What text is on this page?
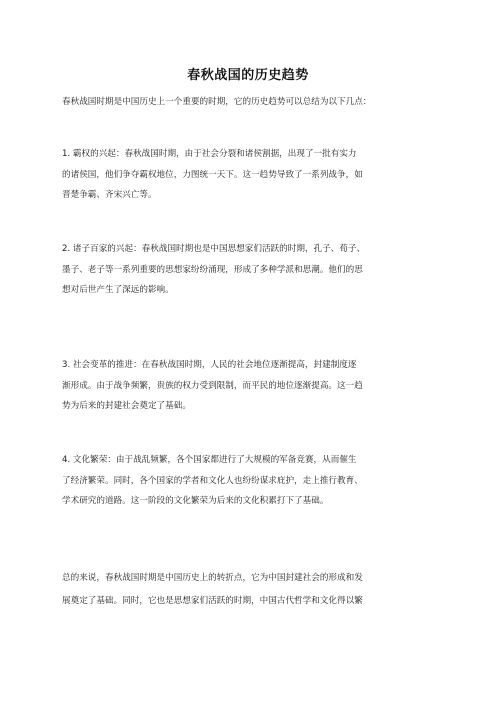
春秋战国的历史趋势
春秋战国时期是中国历史上一个重要的时期，它的历史趋势可以总结为以下几点：
1. 霸权的兴起：春秋战国时期，由于社会分裂和诸侯割据，出现了一批有实力
的诸侯国，他们争夺霸权地位，力图统一天下。这一趋势导致了一系列战争，如
晋楚争霸、齐宋兴亡等。
2. 诸子百家的兴起：春秋战国时期也是中国思想家们活跃的时期，孔子、荀子、
墨子、老子等一系列重要的思想家纷纷涌现，形成了多种学派和思潮。他们的思
想对后世产生了深远的影响。
3. 社会变革的推进：在春秋战国时期，人民的社会地位逐渐提高，封建制度逐
渐形成。由于战争频繁，贵族的权力受到限制，而平民的地位逐渐提高。这一趋
势为后来的封建社会奠定了基础。
4. 文化繁荣：由于战乱频繁，各个国家都进行了大规模的军备竞赛，从而催生
了经济繁荣。同时，各个国家的学者和文化人也纷纷谋求庇护，走上推行教育、
学术研究的道路。这一阶段的文化繁荣为后来的文化积累打下了基础。
总的来说，春秋战国时期是中国历史上的转折点，它为中国封建社会的形成和发
展奠定了基础。同时，它也是思想家们活跃的时期，中国古代哲学和文化得以繁
